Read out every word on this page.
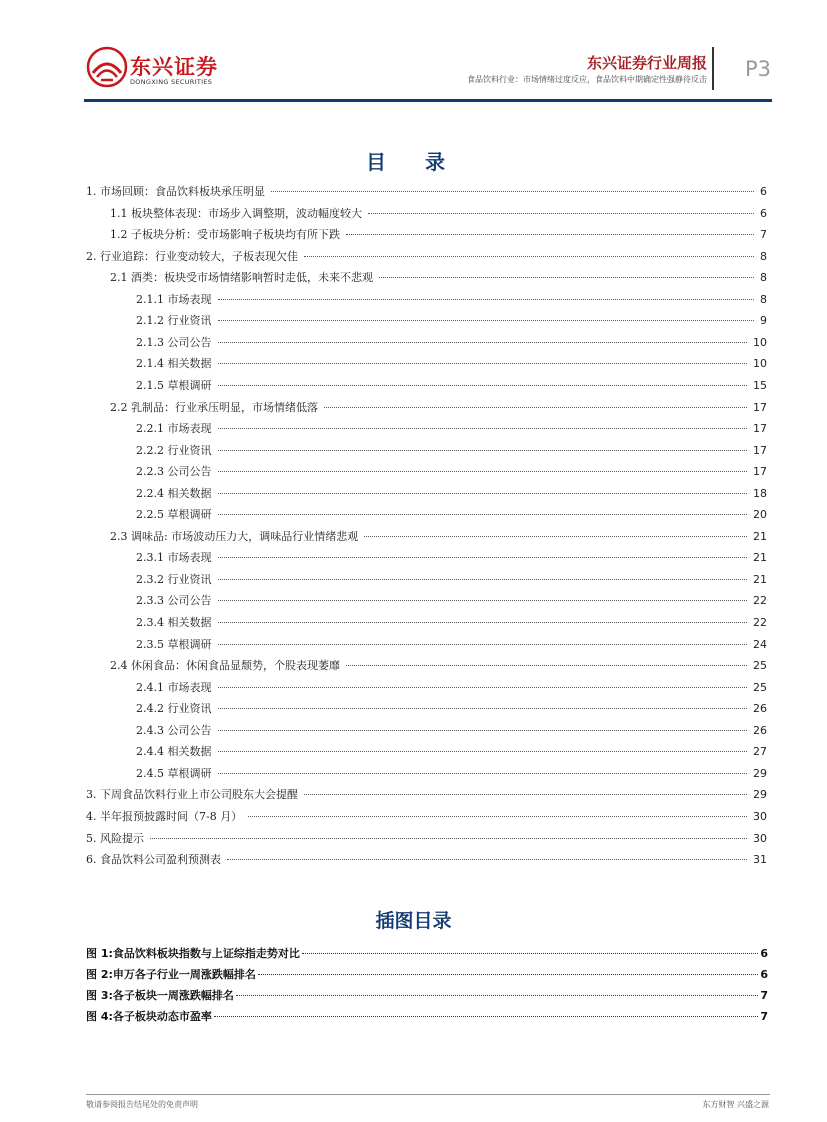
东兴证券
DONGXING SECURITIES
东兴证券行业周报
食品饮料行业：市场情绪过度反应，食品饮料中期确定性强静待反击 P3
目 录
1. 市场回顾：食品饮料板块承压明显	6
1.1 板块整体表现：市场步入调整期，波动幅度较大	6
1.2 子板块分析：受市场影响子板块均有所下跌	7
2. 行业追踪：行业变动较大，子板表现欠佳	8
2.1 酒类：板块受市场情绪影响暂时走低，未来不悲观	8
2.1.1 市场表现	8
2.1.2 行业资讯	9
2.1.3 公司公告	10
2.1.4 相关数据	10
2.1.5 草根调研	15
2.2 乳制品：行业承压明显，市场情绪低落	17
2.2.1 市场表现	17
2.2.2 行业资讯	17
2.2.3 公司公告	17
2.2.4 相关数据	18
2.2.5 草根调研	20
2.3 调味品: 市场波动压力大，调味品行业情绪悲观	21
2.3.1 市场表现	21
2.3.2 行业资讯	21
2.3.3 公司公告	22
2.3.4 相关数据	22
2.3.5 草根调研	24
2.4 休闲食品：休闲食品显颓势，个股表现萎靡	25
2.4.1 市场表现	25
2.4.2 行业资讯	26
2.4.3 公司公告	26
2.4.4 相关数据	27
2.4.5 草根调研	29
3. 下周食品饮料行业上市公司股东大会提醒	29
4. 半年报预披露时间（7-8 月）	30
5. 风险提示	30
6. 食品饮料公司盈利预测表	31
插图目录
图 1:食品饮料板块指数与上证综指走势对比	6
图 2:申万各子行业一周涨跌幅排名	6
图 3:各子板块一周涨跌幅排名	7
图 4:各子板块动态市盈率	7
敬请参阅报告结尾处的免责声明	东方财智 兴盛之源
